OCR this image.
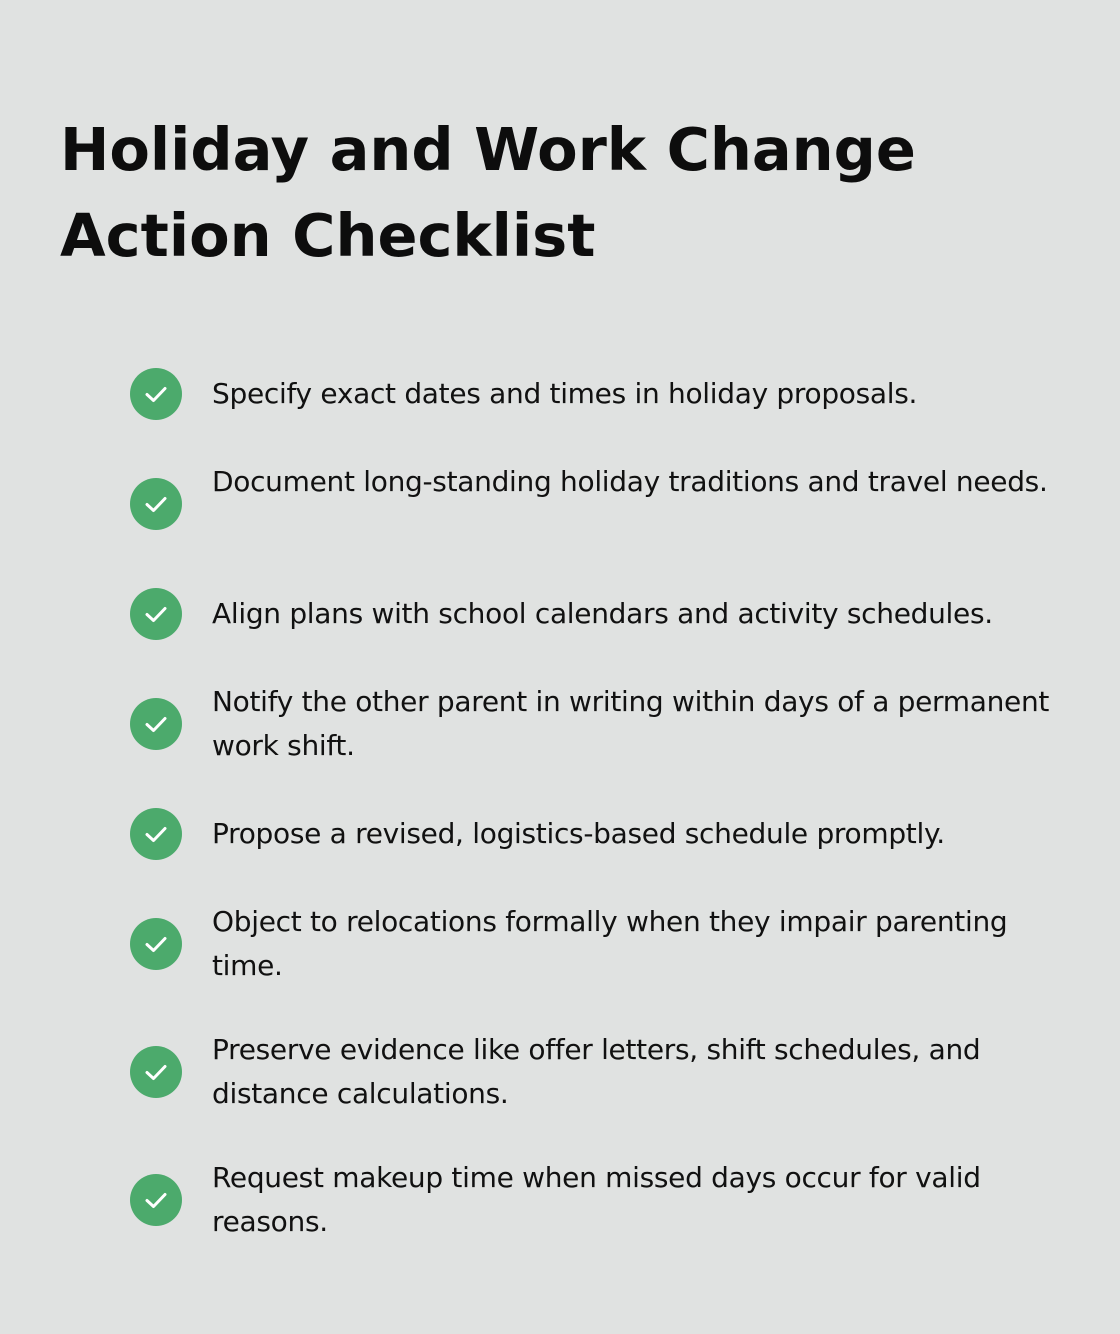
Holiday and Work Change Action Checklist
Specify exact dates and times in holiday proposals.
Document long-standing holiday traditions and travel needs.
Align plans with school calendars and activity schedules.
Notify the other parent in writing within days of a permanent work shift.
Propose a revised, logistics-based schedule promptly.
Object to relocations formally when they impair parenting time.
Preserve evidence like offer letters, shift schedules, and distance calculations.
Request makeup time when missed days occur for valid reasons.
